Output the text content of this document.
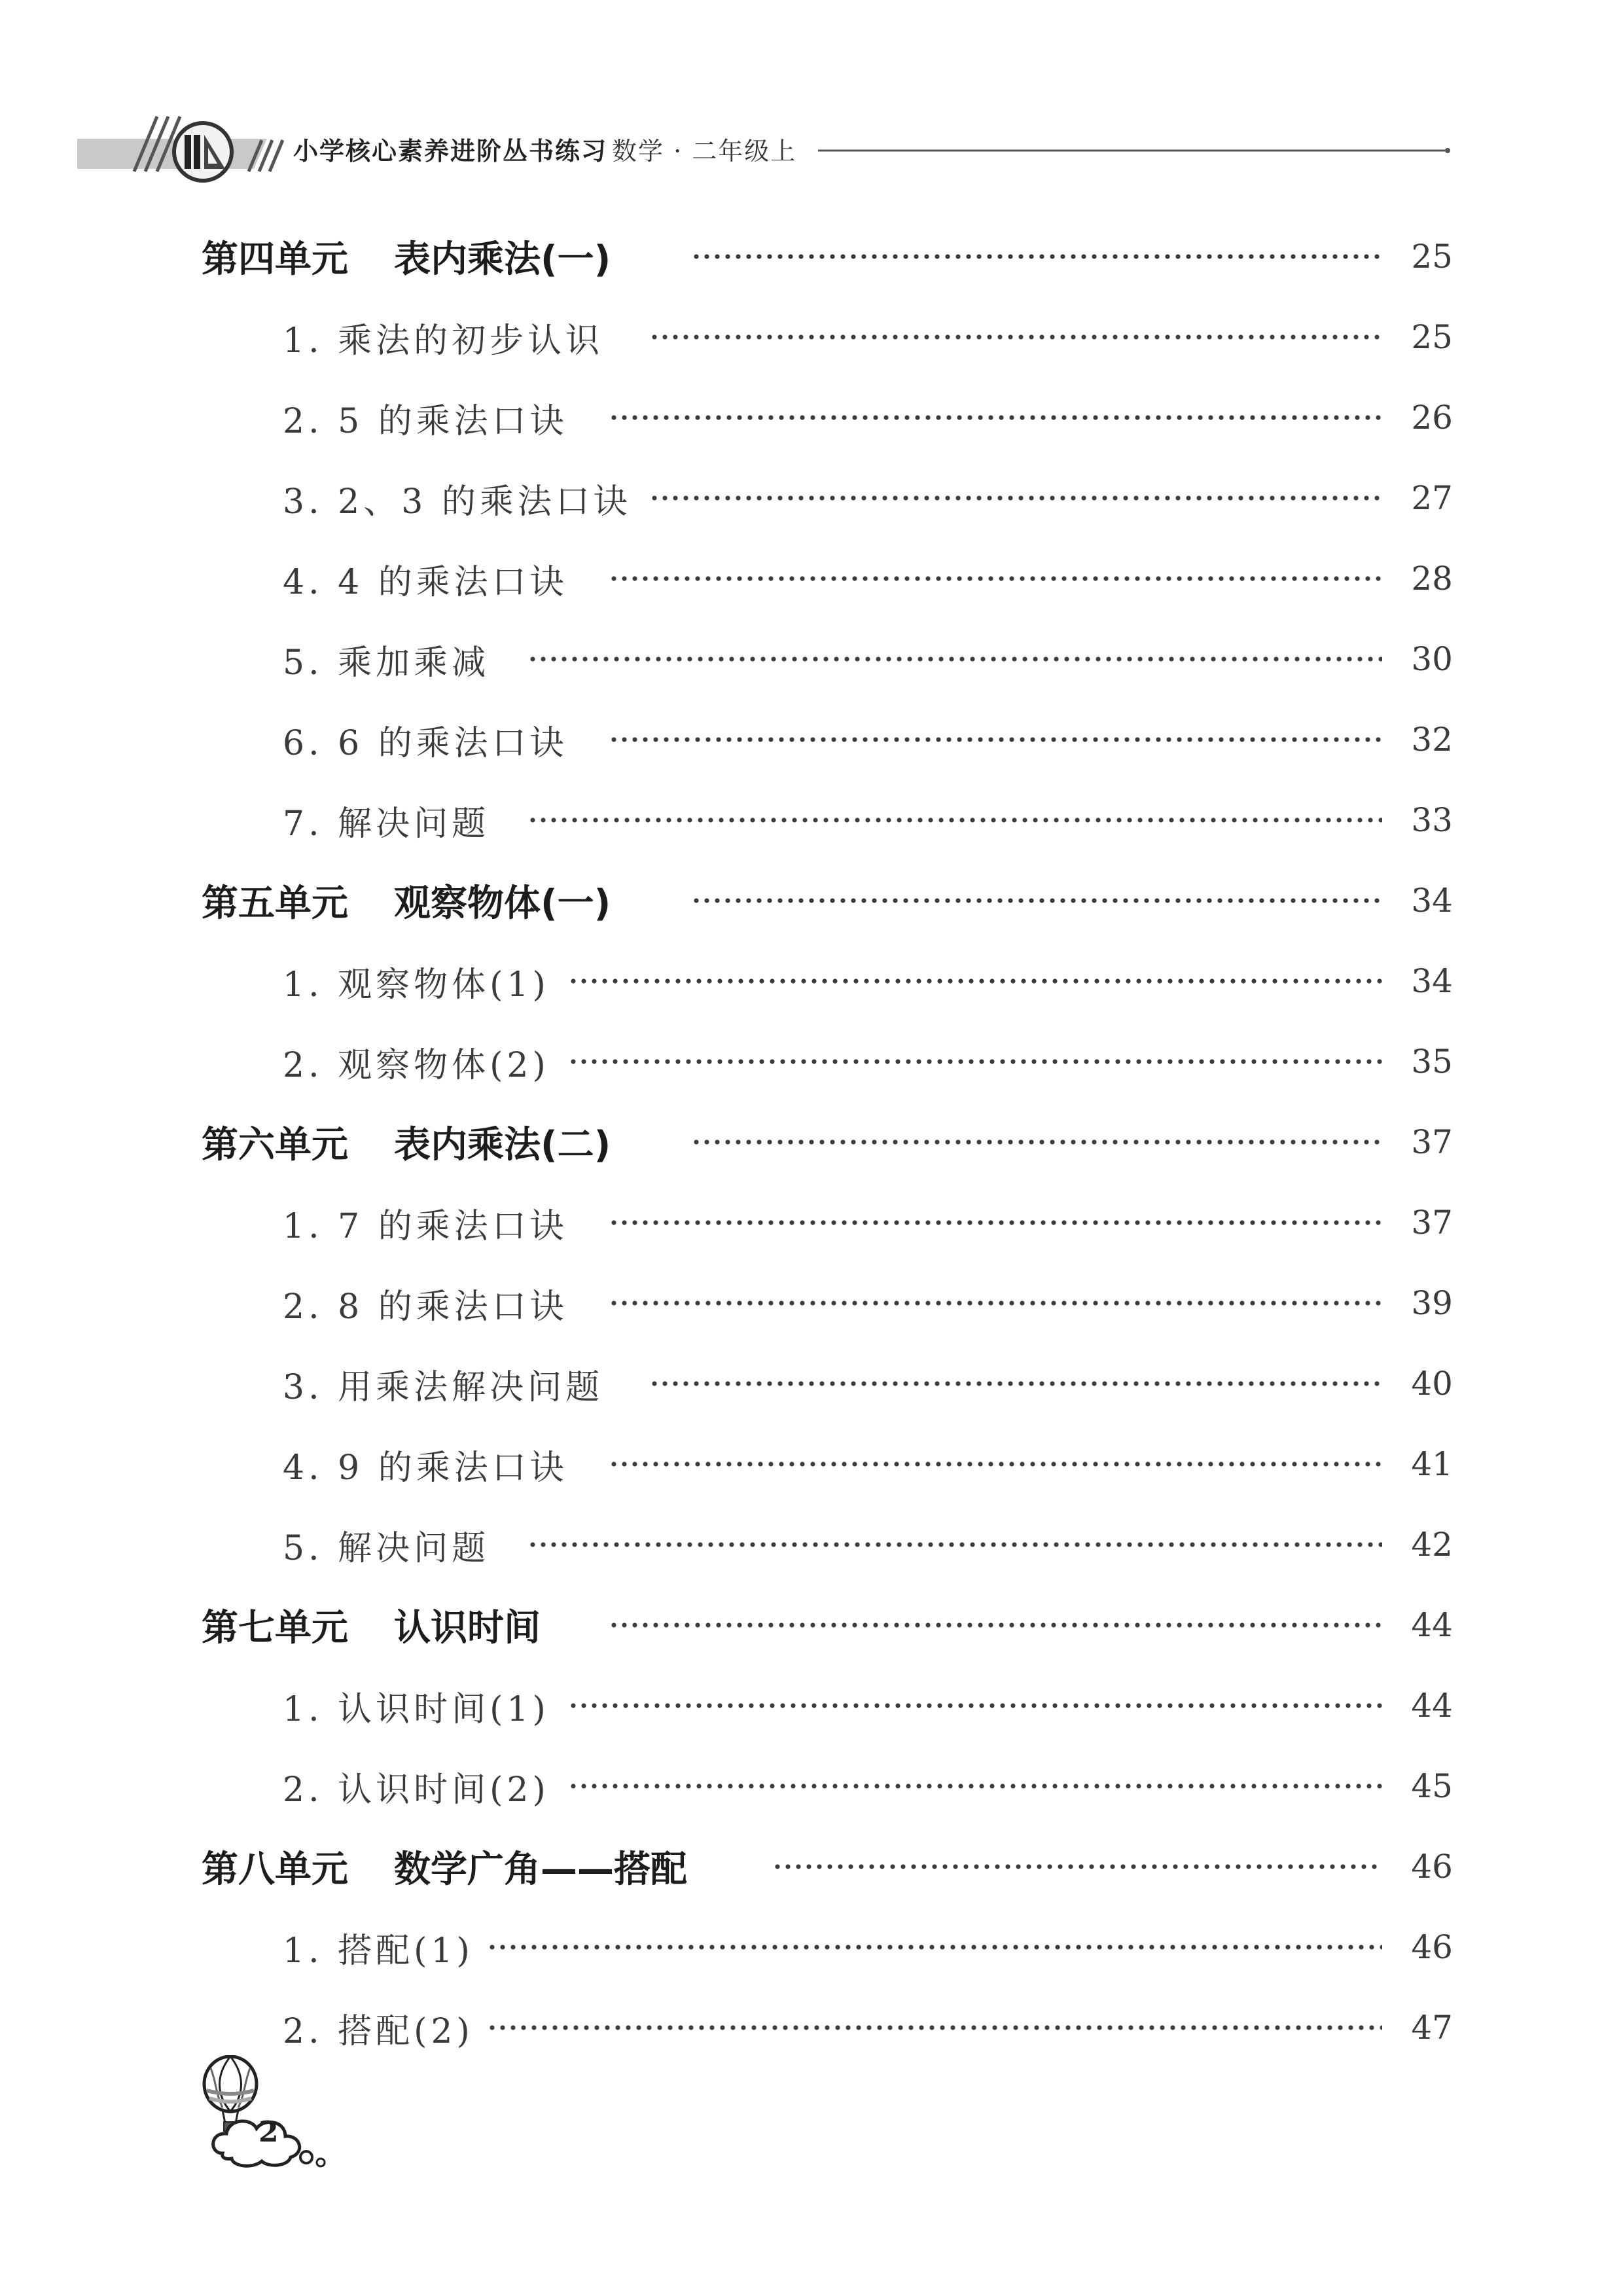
小学核心素养进阶丛书练习 数学 · 二年级上
第四单元 表内乘法(一)	25
1. 乘法的初步认识	25
2. 5 的乘法口诀	26
3. 2、3 的乘法口诀	27
4. 4 的乘法口诀	28
5. 乘加乘减	30
6. 6 的乘法口诀	32
7. 解决问题	33
第五单元 观察物体(一)	34
1. 观察物体(1)	34
2. 观察物体(2)	35
第六单元 表内乘法(二)	37
1. 7 的乘法口诀	37
2. 8 的乘法口诀	39
3. 用乘法解决问题	40
4. 9 的乘法口诀	41
5. 解决问题	42
第七单元 认识时间	44
1. 认识时间(1)	44
2. 认识时间(2)	45
第八单元 数学广角——搭配	46
1. 搭配(1)	46
2. 搭配(2)	47
2
